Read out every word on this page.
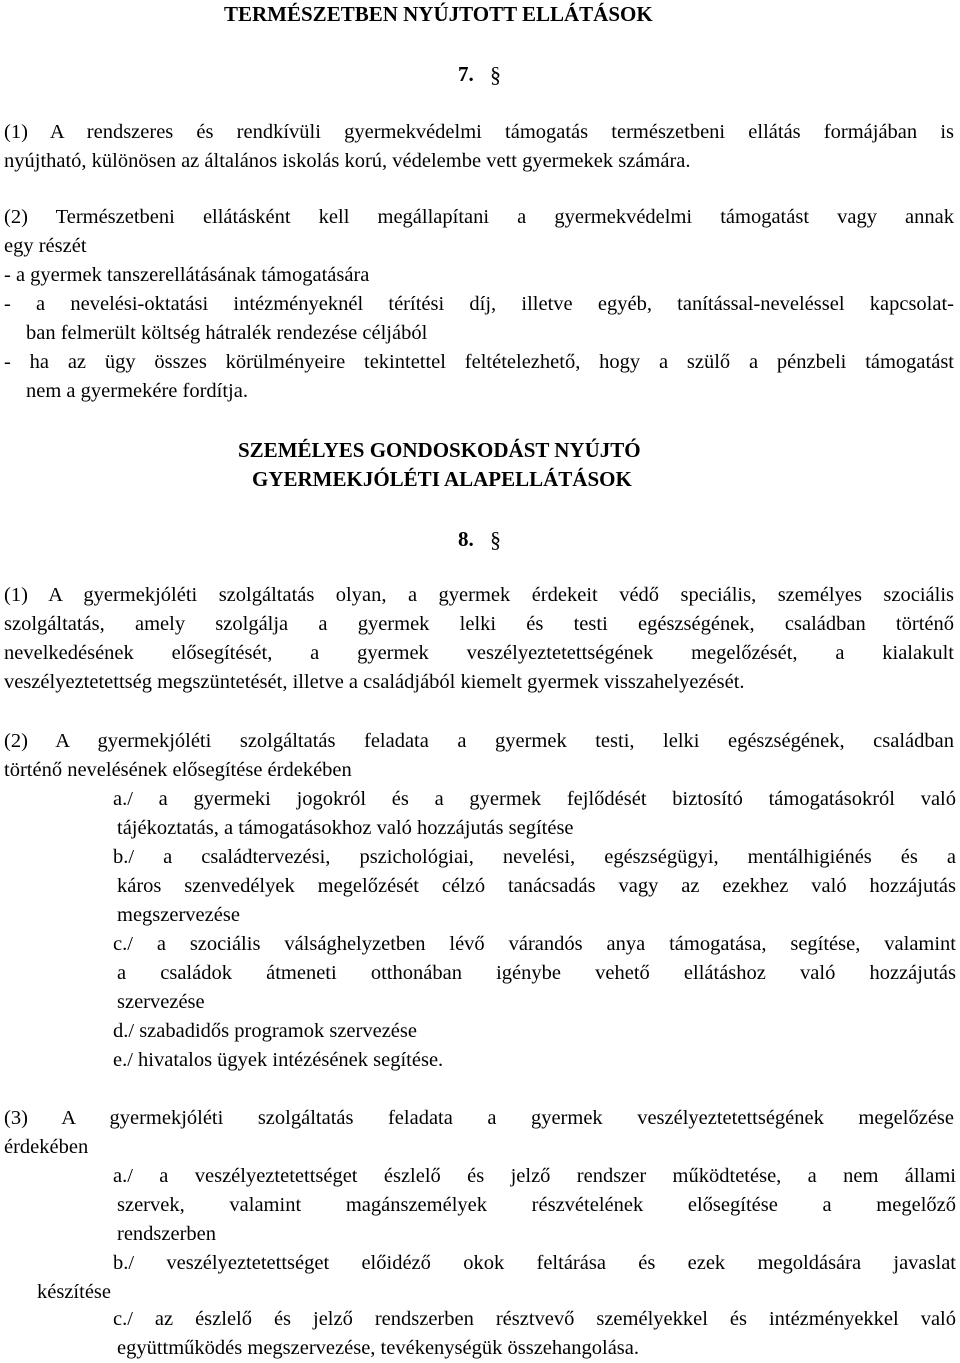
TERMÉSZETBEN NYÚJTOTT ELLÁTÁSOK
7. §
(1) A rendszeres és rendkívüli gyermekvédelmi támogatás természetbeni ellátás formájában is
nyújtható, különösen az általános iskolás korú, védelembe vett gyermekek számára.
(2) Természetbeni ellátásként kell megállapítani a gyermekvédelmi támogatást vagy annak
egy részét
- a gyermek tanszerellátásának támogatására
- a nevelési-oktatási intézményeknél térítési díj, illetve egyéb, tanítással-neveléssel kapcsolat-
ban felmerült költség hátralék rendezése céljából
- ha az ügy összes körülményeire tekintettel feltételezhető, hogy a szülő a pénzbeli támogatást
nem a gyermekére fordítja.
SZEMÉLYES GONDOSKODÁST NYÚJTÓ
GYERMEKJÓLÉTI ALAPELLÁTÁSOK
8. §
(1) A gyermekjóléti szolgáltatás olyan, a gyermek érdekeit védő speciális, személyes szociális
szolgáltatás, amely szolgálja a gyermek lelki és testi egészségének, családban történő
nevelkedésének elősegítését, a gyermek veszélyeztetettségének megelőzését, a kialakult
veszélyeztetettség megszüntetését, illetve a családjából kiemelt gyermek visszahelyezését.
(2) A gyermekjóléti szolgáltatás feladata a gyermek testi, lelki egészségének, családban
történő nevelésének elősegítése érdekében
a./ a gyermeki jogokról és a gyermek fejlődését biztosító támogatásokról való
tájékoztatás, a támogatásokhoz való hozzájutás segítése
b./ a családtervezési, pszichológiai, nevelési, egészségügyi, mentálhigiénés és a
káros szenvedélyek megelőzését célzó tanácsadás vagy az ezekhez való hozzájutás
megszervezése
c./ a szociális válsághelyzetben lévő várandós anya támogatása, segítése, valamint
a családok átmeneti otthonában igénybe vehető ellátáshoz való hozzájutás
szervezése
d./ szabadidős programok szervezése
e./ hivatalos ügyek intézésének segítése.
(3) A gyermekjóléti szolgáltatás feladata a gyermek veszélyeztetettségének megelőzése
érdekében
a./ a veszélyeztetettséget észlelő és jelző rendszer működtetése, a nem állami
szervek, valamint magánszemélyek részvételének elősegítése a megelőző
rendszerben
b./ veszélyeztetettséget előidéző okok feltárása és ezek megoldására javaslat
készítése
c./ az észlelő és jelző rendszerben résztvevő személyekkel és intézményekkel való
együttműködés megszervezése, tevékenységük összehangolása.
